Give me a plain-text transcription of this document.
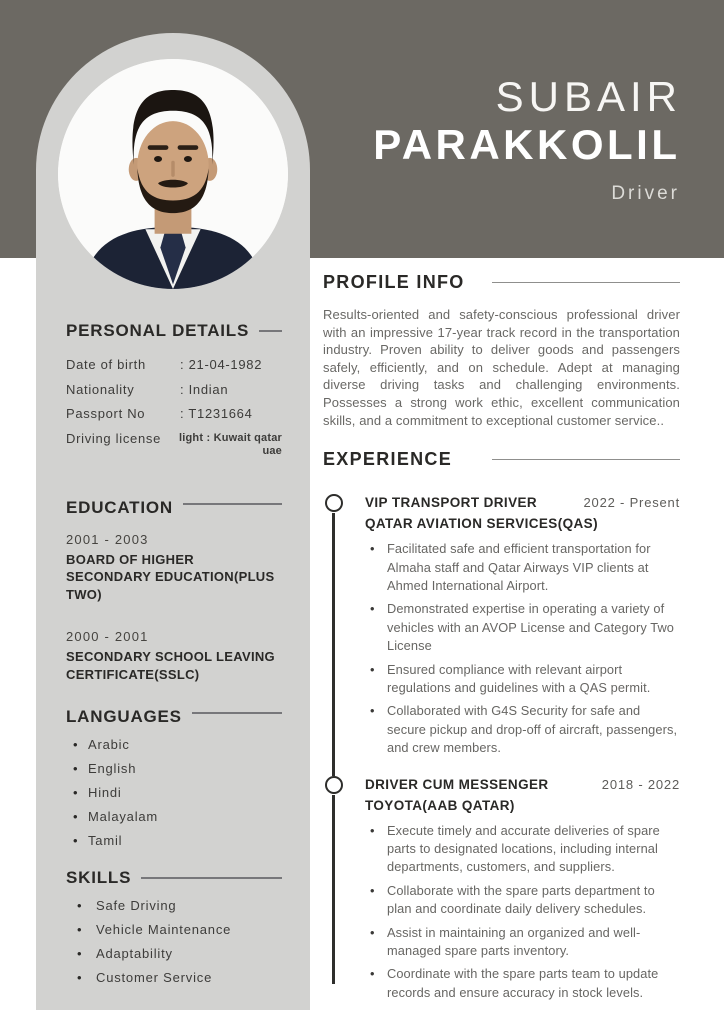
SUBAIR
PARAKKOLIL
Driver
PERSONAL DETAILS
Date of birth	: 21-04-1982
Nationality	: Indian
Passport No	: T1231664
Driving license	light : Kuwait qatar
uae
EDUCATION
2001 - 2003
BOARD OF HIGHER SECONDARY EDUCATION(PLUS TWO)
2000 - 2001
SECONDARY SCHOOL LEAVING CERTIFICATE(SSLC)
LANGUAGES
• Arabic
• English
• Hindi
• Malayalam
• Tamil
SKILLS
• Safe Driving
• Vehicle Maintenance
• Adaptability
• Customer Service
PROFILE INFO

Results-oriented and safety-conscious professional driver with an impressive 17-year track record in the transportation industry. Proven ability to deliver goods and passengers safely, efficiently, and on schedule. Adept at managing diverse driving tasks and challenging environments. Possesses a strong work ethic, excellent communication skills, and a commitment to exceptional customer service..

EXPERIENCE
VIP TRANSPORT DRIVER	2022 - Present
QATAR AVIATION SERVICES(QAS)
• Facilitated safe and efficient transportation for Almaha staff and Qatar Airways VIP clients at Ahmed International Airport.
• Demonstrated expertise in operating a variety of vehicles with an AVOP License and Category Two License
• Ensured compliance with relevant airport regulations and guidelines with a QAS permit.
• Collaborated with G4S Security for safe and secure pickup and drop-off of aircraft, passengers, and crew members.
DRIVER CUM MESSENGER	2018 - 2022
TOYOTA(AAB QATAR)
• Execute timely and accurate deliveries of spare parts to designated locations, including internal departments, customers, and suppliers.
• Collaborate with the spare parts department to plan and coordinate daily delivery schedules.
• Assist in maintaining an organized and well-managed spare parts inventory.
• Coordinate with the spare parts team to update records and ensure accuracy in stock levels.
